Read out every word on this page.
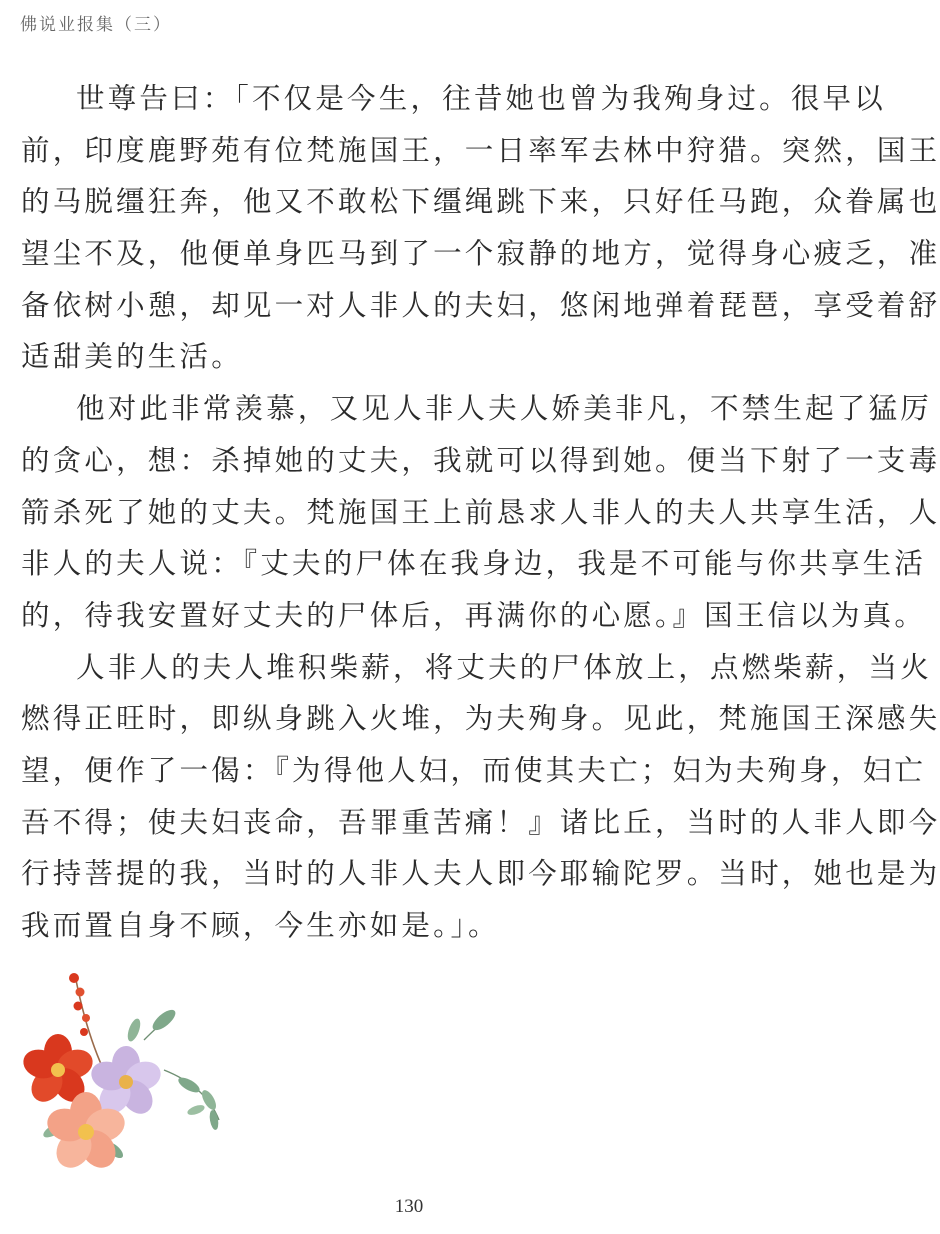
佛说业报集（三）
世尊告曰：「不仅是今生，往昔她也曾为我殉身过。很早以
前，印度鹿野苑有位梵施国王，一日率军去林中狩猎。突然，国王
的马脱缰狂奔，他又不敢松下缰绳跳下来，只好任马跑，众眷属也
望尘不及，他便单身匹马到了一个寂静的地方，觉得身心疲乏，准
备依树小憩，却见一对人非人的夫妇，悠闲地弹着琵琶，享受着舒
适甜美的生活。
他对此非常羡慕，又见人非人夫人娇美非凡，不禁生起了猛厉
的贪心，想：杀掉她的丈夫，我就可以得到她。便当下射了一支毒
箭杀死了她的丈夫。梵施国王上前恳求人非人的夫人共享生活，人
非人的夫人说：『丈夫的尸体在我身边，我是不可能与你共享生活
的，待我安置好丈夫的尸体后，再满你的心愿。』国王信以为真。
人非人的夫人堆积柴薪，将丈夫的尸体放上，点燃柴薪，当火
燃得正旺时，即纵身跳入火堆，为夫殉身。见此，梵施国王深感失
望，便作了一偈：『为得他人妇，而使其夫亡；妇为夫殉身，妇亡
吾不得；使夫妇丧命，吾罪重苦痛！』诸比丘，当时的人非人即今
行持菩提的我，当时的人非人夫人即今耶输陀罗。当时，她也是为
我而置自身不顾，今生亦如是。」。
130
